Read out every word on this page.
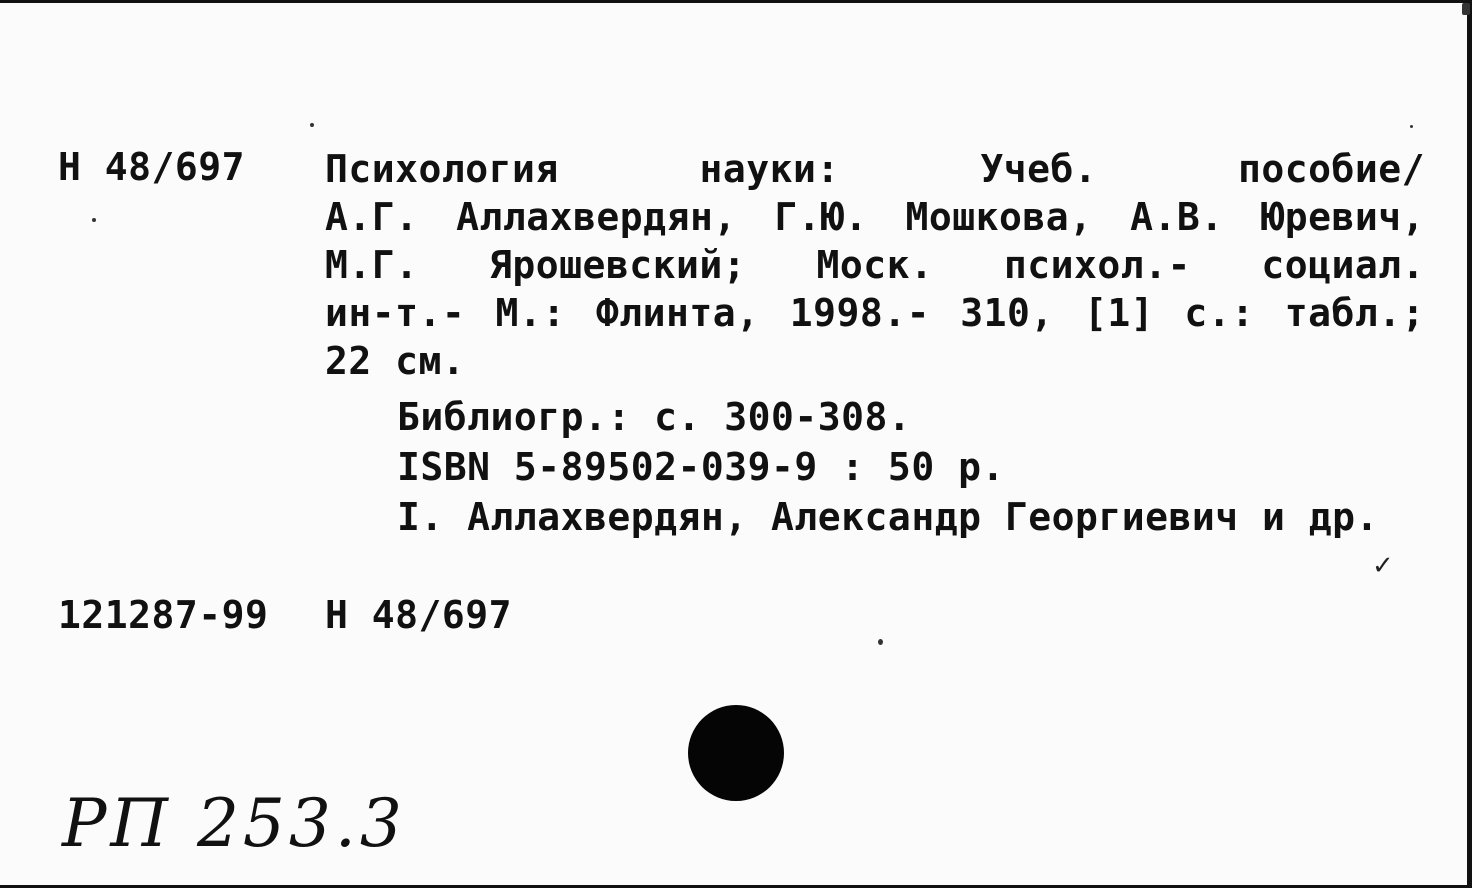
Н 48/697 Психология науки: Учеб. пособие/
А.Г. Аллахвердян, Г.Ю. Мошкова, А.В. Юревич,
М.Г. Ярошевский; Моск. психол.- социал.
ин-т.- М.: Флинта, 1998.- 310, [1] с.: табл.;
22 см.
Библиогр.: с. 300-308.
ISBN 5-89502-039-9 : 50 р.
I. Аллахвердян, Александр Георгиевич и др.
121287-99 Н 48/697
РП 253.3
✓
